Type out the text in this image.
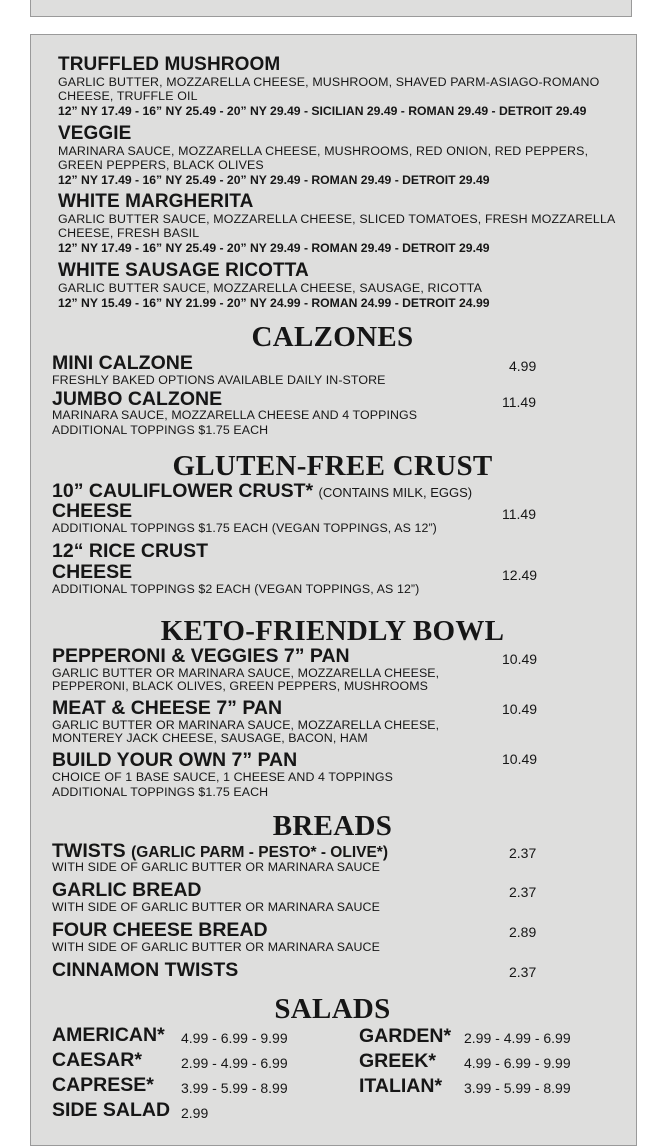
TRUFFLED MUSHROOM
GARLIC BUTTER, MOZZARELLA CHEESE, MUSHROOM, SHAVED PARM-ASIAGO-ROMANO
CHEESE, TRUFFLE OIL
12” NY 17.49 - 16” NY 25.49 - 20” NY 29.49 - SICILIAN 29.49 - ROMAN 29.49 - DETROIT 29.49
VEGGIE
MARINARA SAUCE, MOZZARELLA CHEESE, MUSHROOMS, RED ONION, RED PEPPERS,
GREEN PEPPERS, BLACK OLIVES
12” NY 17.49 - 16” NY 25.49 - 20” NY 29.49 - ROMAN 29.49 - DETROIT 29.49
WHITE MARGHERITA
GARLIC BUTTER SAUCE, MOZZARELLA CHEESE, SLICED TOMATOES, FRESH MOZZARELLA
CHEESE, FRESH BASIL
12” NY 17.49 - 16” NY 25.49 - 20” NY 29.49 - ROMAN 29.49 - DETROIT 29.49
WHITE SAUSAGE RICOTTA
GARLIC BUTTER SAUCE, MOZZARELLA CHEESE, SAUSAGE, RICOTTA
12” NY 15.49 - 16” NY 21.99 - 20” NY 24.99 - ROMAN 24.99 - DETROIT 24.99
CALZONES
MINI CALZONE	4.99
FRESHLY BAKED OPTIONS AVAILABLE DAILY IN-STORE
JUMBO CALZONE	11.49
MARINARA SAUCE, MOZZARELLA CHEESE AND 4 TOPPINGS
ADDITIONAL TOPPINGS $1.75 EACH
GLUTEN-FREE CRUST
10” CAULIFLOWER CRUST* (CONTAINS MILK, EGGS)
CHEESE	11.49
ADDITIONAL TOPPINGS $1.75 EACH (VEGAN TOPPINGS, AS 12”)
12“ RICE CRUST
CHEESE	12.49
ADDITIONAL TOPPINGS $2 EACH (VEGAN TOPPINGS, AS 12”)
KETO-FRIENDLY BOWL
PEPPERONI & VEGGIES 7” PAN	10.49
GARLIC BUTTER OR MARINARA SAUCE, MOZZARELLA CHEESE,
PEPPERONI, BLACK OLIVES, GREEN PEPPERS, MUSHROOMS
MEAT & CHEESE 7” PAN	10.49
GARLIC BUTTER OR MARINARA SAUCE, MOZZARELLA CHEESE,
MONTEREY JACK CHEESE, SAUSAGE, BACON, HAM
BUILD YOUR OWN 7” PAN	10.49
CHOICE OF 1 BASE SAUCE, 1 CHEESE AND 4 TOPPINGS
ADDITIONAL TOPPINGS $1.75 EACH
BREADS
TWISTS (GARLIC PARM - PESTO* - OLIVE*)	2.37
WITH SIDE OF GARLIC BUTTER OR MARINARA SAUCE
GARLIC BREAD	2.37
WITH SIDE OF GARLIC BUTTER OR MARINARA SAUCE
FOUR CHEESE BREAD	2.89
WITH SIDE OF GARLIC BUTTER OR MARINARA SAUCE
CINNAMON TWISTS	2.37
SALADS
AMERICAN* 4.99 - 6.99 - 9.99
CAESAR*	2.99 - 4.99 - 6.99
CAPRESE* 3.99 - 5.99 - 8.99
SIDE SALAD 2.99
GARDEN* 2.99 - 4.99 - 6.99
GREEK* 4.99 - 6.99 - 9.99
ITALIAN* 3.99 - 5.99 - 8.99
